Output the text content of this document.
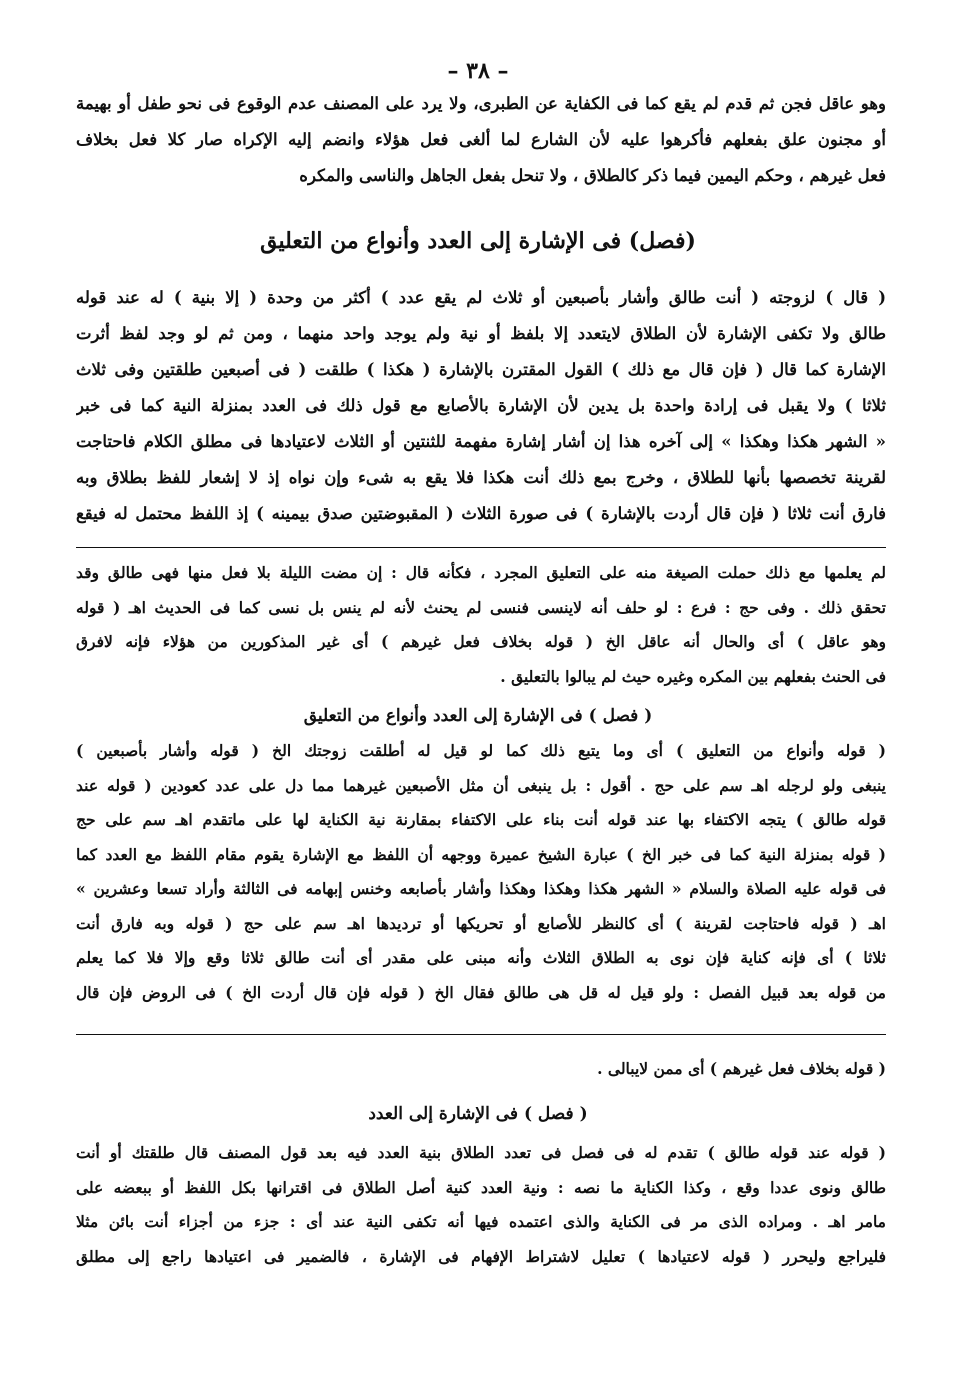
– ٣٨ –
وهو عاقل فجن ثم قدم لم يقع كما فى الكفاية عن الطبرى، ولا يرد على المصنف عدم الوقوع فى نحو طفل أو بهيمة
أو مجنون علق بفعلهم فأكرهوا عليه لأن الشارع لما ألغى فعل هؤلاء وانضم إليه الإكراه صار كلا فعل بخلاف
فعل غيرهم ، وحكم اليمين فيما ذكر كالطلاق ، ولا تنحل بفعل الجاهل والناسى والمكره
(فصل) فى الإشارة إلى العدد وأنواع من التعليق
( قال ) لزوجته ( أنت طالق وأشار بأصبعين أو ثلاث لم يقع عدد ) أكثر من وحدة ( إلا بنية ) له عند قوله
طالق ولا تكفى الإشارة لأن الطلاق لايتعدد إلا بلفظ أو نية ولم يوجد واحد منهما ، ومن ثم لو وجد لفظ أثرت
الإشارة كما قال ( فإن قال مع ذلك ) القول المقترن بالإشارة ( هكذا ) طلقت ( فى أصبعين طلقتين وفى ثلاث
ثلاثا ) ولا يقبل فى إرادة واحدة بل يدين لأن الإشارة بالأصابع مع قول ذلك فى العدد بمنزلة النية كما فى خبر
« الشهر هكذا وهكذا » إلى آخره هذا إن أشار إشارة مفهمة للثنتين أو الثلاث لاعتيادها فى مطلق الكلام فاحتاجت
لقرينة تخصصها بأنها للطلاق ، وخرج بمع ذلك أنت هكذا فلا يقع به شىء وإن نواه إذ لا إشعار للفظ بطلاق وبه
فارق أنت ثلاثا ( فإن قال أردت بالإشارة ) فى صورة الثلاث ( المقبوضتين صدق بيمينه ) إذ اللفظ محتمل له فيقع
لم يعلمها مع ذلك حملت الصيغة منه على التعليق المجرد ، فكأنه قال : إن مضت الليلة بلا فعل منها فهى طالق وقد
تحقق ذلك . وفى حج : فرع : لو حلف أنه لاينسى فنسى لم يحنث لأنه لم ينس بل نسى كما فى الحديث اهـ ( قوله
وهو عاقل ) أى والحال أنه عاقل الخ ( قوله بخلاف فعل غيرهم ) أى غير المذكورين من هؤلاء فإنه لافرق
فى الحنث بفعلهم بين المكره وغيره حيث لم يبالوا بالتعليق .
( فصل ) فى الإشارة إلى العدد وأنواع من التعليق
( قوله وأنواع من التعليق ) أى وما يتبع ذلك كما لو قيل له أطلقت زوجتك الخ ( قوله وأشار بأصبعين )
ينبغى ولو لرجله اهـ سم على حج . أقول : بل ينبغى أن مثل الأصبعين غيرهما مما دل على عدد كعودين ( قوله عند
قوله طالق ) يتجه الاكتفاء بها عند قوله أنت بناء على الاكتفاء بمقارنة نية الكناية لها على ماتقدم اهـ سم على حج
( قوله بمنزلة النية كما فى خبر الخ ) عبارة الشيخ عميرة ووجهه أن اللفظ مع الإشارة يقوم مقام اللفظ مع العدد كما
فى قوله عليه الصلاة والسلام « الشهر هكذا وهكذا وهكذا وأشار بأصابعه وخنس إبهامه فى الثالثة وأراد تسعا وعشرين »
اهـ ( قوله فاحتاجت لقرينة ) أى كالنظر للأصابع أو تحريكها أو ترديدها اهـ سم على حج ( قوله وبه فارق أنت
ثلاثا ) أى فإنه كناية فإن نوى به الطلاق الثلاث وأنه مبنى على مقدر أى أنت طالق ثلاثا وقع وإلا فلا كما يعلم
من قوله بعد قبيل الفصل : ولو قيل له قل هى طالق فقال الخ ( قوله فإن قال أردت الخ ) فى الروض فإن قال
( قوله بخلاف فعل غيرهم ) أى ممن لايبالى .
( فصل ) فى الإشارة إلى العدد
( قوله عند قوله طالق ) تقدم له فى فصل فى تعدد الطلاق بنية العدد فيه بعد قول المصنف قال طلقتك أو أنت
طالق ونوى عددا وقع ، وكذا الكناية ما نصه : ونية العدد كنية أصل الطلاق فى اقترانها بكل اللفظ أو ببعضه على
مامر اهـ . ومراده الذى مر فى الكناية والذى اعتمده فيها أنه تكفى النية عند أى : جزء من أجزاء أنت بائن مثلا
فليراجع وليحرر ( قوله لاعتيادها ) تعليل لاشتراط الإفهام فى الإشارة ، فالضمير فى اعتيادها راجع إلى مطلق
